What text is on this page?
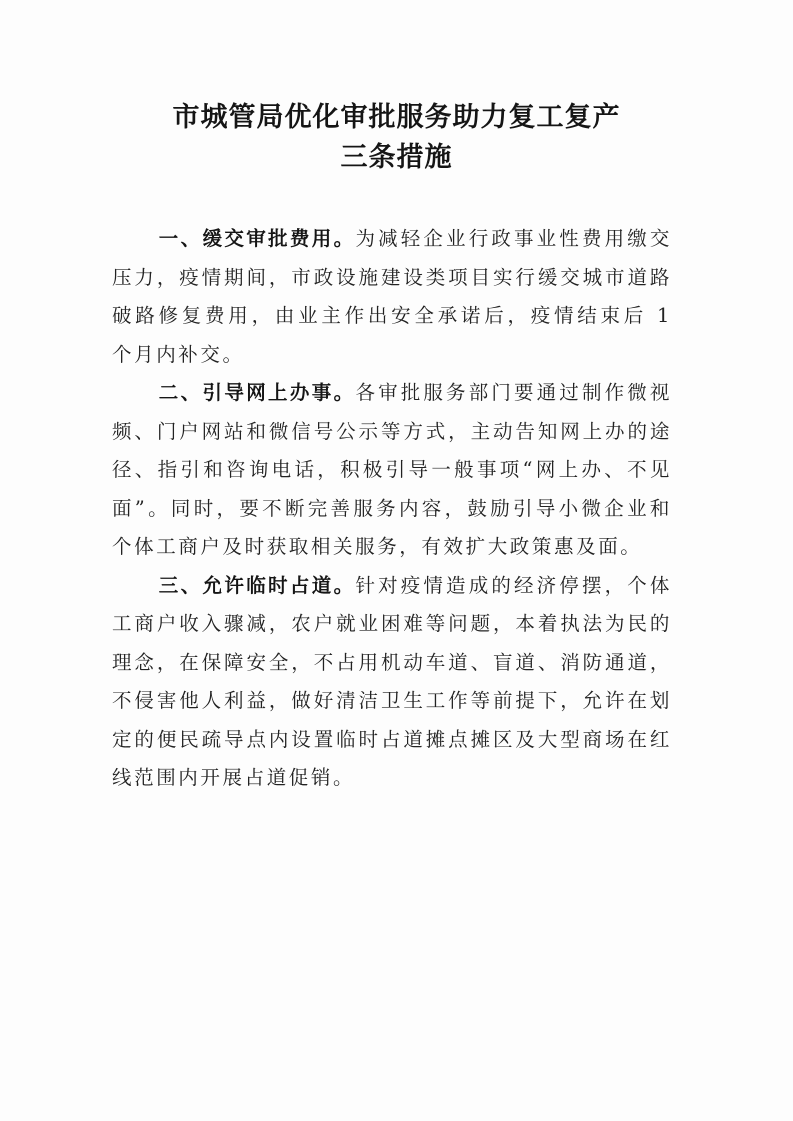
市城管局优化审批服务助力复工复产
三条措施

一、缓交审批费用。为减轻企业行政事业性费用缴交压力，疫情期间，市政设施建设类项目实行缓交城市道路破路修复费用，由业主作出安全承诺后，疫情结束后 1 个月内补交。

二、引导网上办事。各审批服务部门要通过制作微视频、门户网站和微信号公示等方式，主动告知网上办的途径、指引和咨询电话，积极引导一般事项“网上办、不见面”。同时，要不断完善服务内容，鼓励引导小微企业和个体工商户及时获取相关服务，有效扩大政策惠及面。

三、允许临时占道。针对疫情造成的经济停摆，个体工商户收入骤减，农户就业困难等问题，本着执法为民的理念，在保障安全，不占用机动车道、盲道、消防通道，不侵害他人利益，做好清洁卫生工作等前提下，允许在划定的便民疏导点内设置临时占道摊点摊区及大型商场在红线范围内开展占道促销。
